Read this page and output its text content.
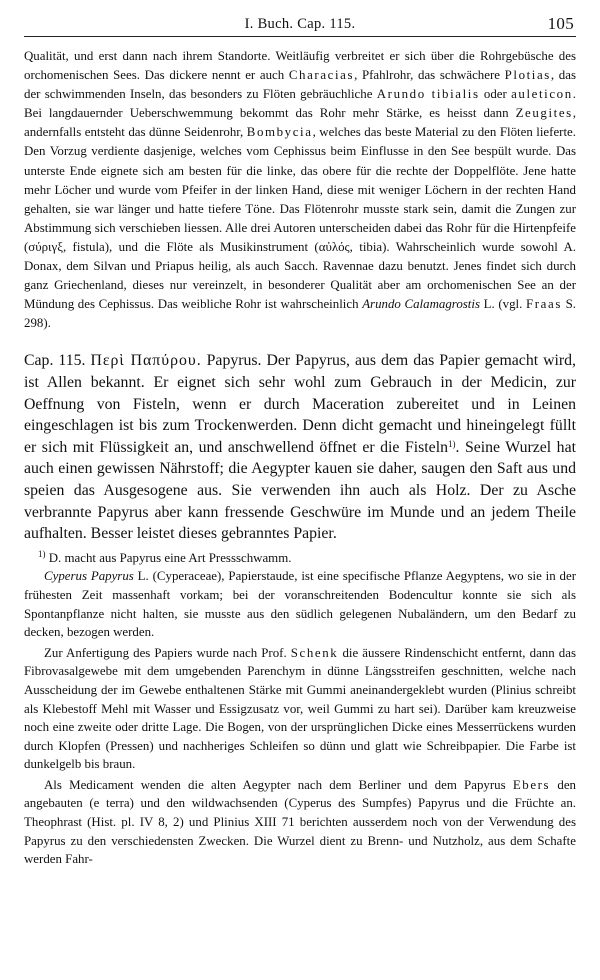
I. Buch. Cap. 115.	105

Qualität, und erst dann nach ihrem Standorte. Weitläufig verbreitet er sich über die Rohrgebüsche des orchomenischen Sees. Das dickere nennt er auch Characias, Pfahlrohr, das schwächere Plotias, das der schwimmenden Inseln, das besonders zu Flöten gebräuchliche Arundo tibialis oder auleticon. Bei langdauernder Ueberschwemmung bekommt das Rohr mehr Stärke, es heisst dann Zeugites, andernfalls entsteht das dünne Seidenrohr, Bombycia, welches das beste Material zu den Flöten lieferte. Den Vorzug verdiente dasjenige, welches vom Cephissus beim Einflusse in den See bespült wurde. Das unterste Ende eignete sich am besten für die linke, das obere für die rechte der Doppelflöte. Jene hatte mehr Löcher und wurde vom Pfeifer in der linken Hand, diese mit weniger Löchern in der rechten Hand gehalten, sie war länger und hatte tiefere Töne. Das Flötenrohr musste stark sein, damit die Zungen zur Abstimmung sich verschieben liessen. Alle drei Autoren unterscheiden dabei das Rohr für die Hirtenpfeife (σύριγξ, fistula), und die Flöte als Musikinstrument (αὐλός, tibia). Wahrscheinlich wurde sowohl A. Donax, dem Silvan und Priapus heilig, als auch Sacch. Ravennae dazu benutzt. Jenes findet sich durch ganz Griechenland, dieses nur vereinzelt, in besonderer Qualität aber am orchomenischen See an der Mündung des Cephissus. Das weibliche Rohr ist wahrscheinlich Arundo Calamagrostis L. (vgl. Fraas S. 298).

Cap. 115. Περὶ Παπύρου. Papyrus. Der Papyrus, aus dem das Papier gemacht wird, ist Allen bekannt. Er eignet sich sehr wohl zum Gebrauch in der Medicin, zur Oeffnung von Fisteln, wenn er durch Maceration zubereitet und in Leinen eingeschlagen ist bis zum Trockenwerden. Denn dicht gemacht und hineingelegt füllt er sich mit Flüssigkeit an, und anschwellend öffnet er die Fisteln$^{1)}$. Seine Wurzel hat auch einen gewissen Nährstoff; die Aegypter kauen sie daher, saugen den Saft aus und speien das Ausgesogene aus. Sie verwenden ihn auch als Holz. Der zu Asche verbrannte Papyrus aber kann fressende Geschwüre im Munde und an jedem Theile aufhalten. Besser leistet dieses gebranntes Papier.

$^{1)}$ D. macht aus Papyrus eine Art Pressschwamm.

Cyperus Papyrus L. (Cyperaceae), Papierstaude, ist eine specifische Pflanze Aegyptens, wo sie in der frühesten Zeit massenhaft vorkam; bei der voranschreitenden Bodencultur konnte sie sich als Spontanpflanze nicht halten, sie musste aus den südlich gelegenen Nubaländern, um den Bedarf zu decken, bezogen werden.

Zur Anfertigung des Papiers wurde nach Prof. Schenk die äussere Rindenschicht entfernt, dann das Fibrovasalgewebe mit dem umgebenden Parenchym in dünne Längsstreifen geschnitten, welche nach Ausscheidung der im Gewebe enthaltenen Stärke mit Gummi aneinandergeklebt wurden (Plinius schreibt als Klebestoff Mehl mit Wasser und Essigzusatz vor, weil Gummi zu hart sei). Darüber kam kreuzweise noch eine zweite oder dritte Lage. Die Bogen, von der ursprünglichen Dicke eines Messerrückens wurden durch Klopfen (Pressen) und nachheriges Schleifen so dünn und glatt wie Schreibpapier. Die Farbe ist dunkelgelb bis braun.

Als Medicament wenden die alten Aegypter nach dem Berliner und dem Papyrus Ebers den angebauten (e terra) und den wildwachsenden (Cyperus des Sumpfes) Papyrus und die Früchte an. Theophrast (Hist. pl. IV 8, 2) und Plinius XIII 71 berichten ausserdem noch von der Verwendung des Papyrus zu den verschiedensten Zwecken. Die Wurzel dient zu Brenn- und Nutzholz, aus dem Schafte werden Fahr-
